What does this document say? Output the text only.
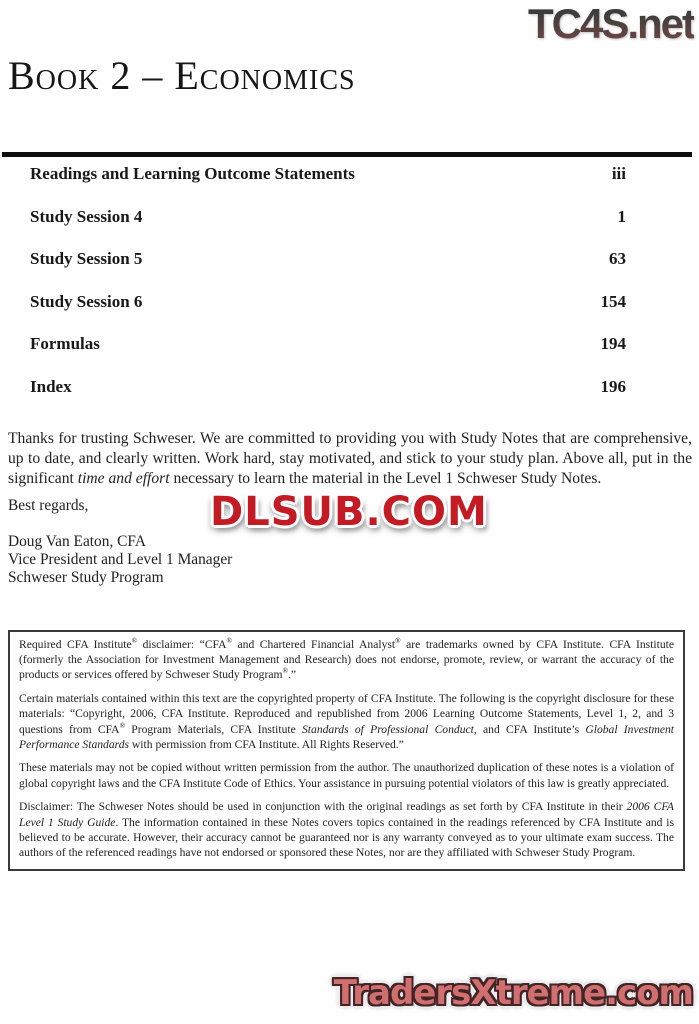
TC4S.net
Book 2 – Economics
Readings and Learning Outcome Statements	iii
Study Session 4	1
Study Session 5	63
Study Session 6	154
Formulas	194
Index	196
Thanks for trusting Schweser. We are committed to providing you with Study Notes that are comprehensive, up to date, and clearly written. Work hard, stay motivated, and stick to your study plan. Above all, put in the significant time and effort necessary to learn the material in the Level 1 Schweser Study Notes.
Best regards,	DLSUB.COM
Doug Van Eaton, CFA
Vice President and Level 1 Manager
Schweser Study Program

Required CFA Institute® disclaimer: “CFA® and Chartered Financial Analyst® are trademarks owned by CFA Institute. CFA Institute (formerly the Association for Investment Management and Research) does not endorse, promote, review, or warrant the accuracy of the products or services offered by Schweser Study Program®.”

Certain materials contained within this text are the copyrighted property of CFA Institute. The following is the copyright disclosure for these materials: “Copyright, 2006, CFA Institute. Reproduced and republished from 2006 Learning Outcome Statements, Level 1, 2, and 3 questions from CFA® Program Materials, CFA Institute Standards of Professional Conduct, and CFA Institute’s Global Investment Performance Standards with permission from CFA Institute. All Rights Reserved.”

These materials may not be copied without written permission from the author. The unauthorized duplication of these notes is a violation of global copyright laws and the CFA Institute Code of Ethics. Your assistance in pursuing potential violators of this law is greatly appreciated.

Disclaimer: The Schweser Notes should be used in conjunction with the original readings as set forth by CFA Institute in their 2006 CFA Level 1 Study Guide. The information contained in these Notes covers topics contained in the readings referenced by CFA Institute and is believed to be accurate. However, their accuracy cannot be guaranteed nor is any warranty conveyed as to your ultimate exam success. The authors of the referenced readings have not endorsed or sponsored these Notes, nor are they affiliated with Schweser Study Program.

TradersXtreme.com
